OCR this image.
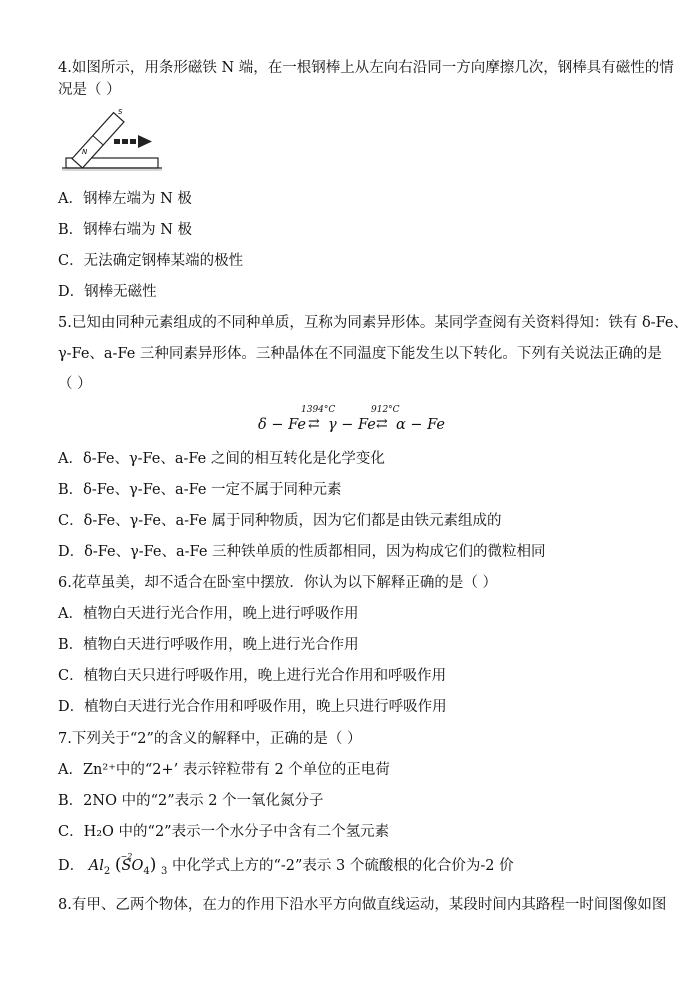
4.如图所示，用条形磁铁 N 端，在一根钢棒上从左向右沿同一方向摩擦几次，钢棒具有磁性的情
况是（ ）
N
S
A．钢棒左端为 N 极
B．钢棒右端为 N 极
C．无法确定钢棒某端的极性
D．钢棒无磁性
5.已知由同种元素组成的不同种单质，互称为同素异形体。某同学查阅有关资料得知：铁有 δ-Fe、
γ-Fe、a-Fe 三种同素异形体。三种晶体在不同温度下能发生以下转化。下列有关说法正确的是
（ ）
1394°C	912°C
δ − Fe ⇄ γ − Fe ⇄ α − Fe
A．δ-Fe、γ-Fe、a-Fe 之间的相互转化是化学变化
B．δ-Fe、γ-Fe、a-Fe 一定不属于同种元素
C．δ-Fe、γ-Fe、a-Fe 属于同种物质，因为它们都是由铁元素组成的
D．δ-Fe、γ-Fe、a-Fe 三种铁单质的性质都相同，因为构成它们的微粒相同
6.花草虽美，却不适合在卧室中摆放．你认为以下解释正确的是（ ）
A．植物白天进行光合作用，晚上进行呼吸作用
B．植物白天进行呼吸作用，晚上进行光合作用
C．植物白天只进行呼吸作用，晚上进行光合作用和呼吸作用
D．植物白天进行光合作用和呼吸作用，晚上只进行呼吸作用
7.下列关于“2”的含义的解释中，正确的是（ ）
A．Zn²⁺中的“2+’ 表示锌粒带有 2 个单位的正电荷
B．2NO 中的“2”表示 2 个一氧化氮分子
C．H₂O 中的“2”表示一个水分子中含有二个氢元素
D． $Al_2$ ( −2
$SO_4$) $_3$ 中化学式上方的“-2”表示 3 个硫酸根的化合价为-2 价
8.有甲、乙两个物体，在力的作用下沿水平方向做直线运动，某段时间内其路程一时间图像如图
